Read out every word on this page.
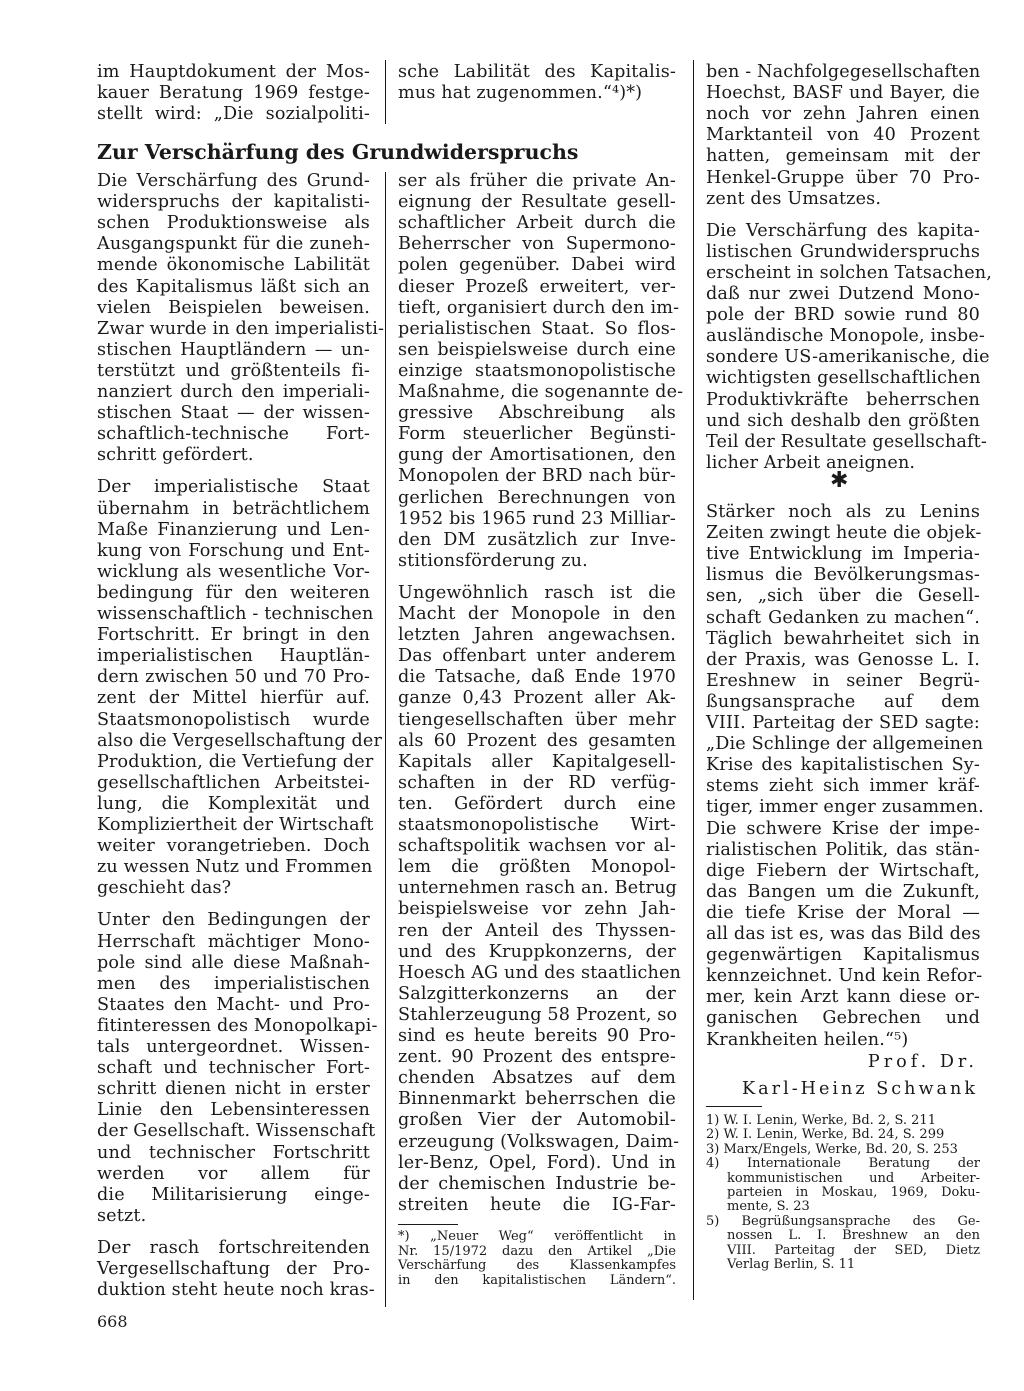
im Hauptdokument der Mos-
kauer Beratung 1969 festge-
stellt wird: „Die sozialpoliti-
sche Labilität des Kapitalis-
mus hat zugenommen.“⁴)*)
Zur Verschärfung des Grundwiderspruchs
Die Verschärfung des Grund-
widerspruchs der kapitalisti-
schen Produktionsweise als
Ausgangspunkt für die zuneh-
mende ökonomische Labilität
des Kapitalismus läßt sich an
vielen Beispielen beweisen.
Zwar wurde in den imperialisti-
stischen Hauptländern — un-
terstützt und größtenteils fi-
nanziert durch den imperiali-
stischen Staat — der wissen-
schaftlich-technische Fort-
schritt gefördert.
Der imperialistische Staat
übernahm in beträchtlichem
Maße Finanzierung und Len-
kung von Forschung und Ent-
wicklung als wesentliche Vor-
bedingung für den weiteren
wissenschaftlich - technischen
Fortschritt. Er bringt in den
imperialistischen Hauptlän-
dern zwischen 50 und 70 Pro-
zent der Mittel hierfür auf.
Staatsmonopolistisch wurde
also die Vergesellschaftung der
Produktion, die Vertiefung der
gesellschaftlichen Arbeitstei-
lung, die Komplexität und
Kompliziertheit der Wirtschaft
weiter vorangetrieben. Doch
zu wessen Nutz und Frommen
geschieht das?
Unter den Bedingungen der
Herrschaft mächtiger Mono-
pole sind alle diese Maßnah-
men des imperialistischen
Staates den Macht- und Pro-
fitinteressen des Monopolkapi-
tals untergeordnet. Wissen-
schaft und technischer Fort-
schritt dienen nicht in erster
Linie den Lebensinteressen
der Gesellschaft. Wissenschaft
und technischer Fortschritt
werden vor allem für
die Militarisierung einge-
setzt.
Der rasch fortschreitenden
Vergesellschaftung der Pro-
duktion steht heute noch kras-
ser als früher die private An-
eignung der Resultate gesell-
schaftlicher Arbeit durch die
Beherrscher von Supermono-
polen gegenüber. Dabei wird
dieser Prozeß erweitert, ver-
tieft, organisiert durch den im-
perialistischen Staat. So flos-
sen beispielsweise durch eine
einzige staatsmonopolistische
Maßnahme, die sogenannte de-
gressive Abschreibung als
Form steuerlicher Begünsti-
gung der Amortisationen, den
Monopolen der BRD nach bür-
gerlichen Berechnungen von
1952 bis 1965 rund 23 Milliar-
den DM zusätzlich zur Inve-
stitionsförderung zu.
Ungewöhnlich rasch ist die
Macht der Monopole in den
letzten Jahren angewachsen.
Das offenbart unter anderem
die Tatsache, daß Ende 1970
ganze 0,43 Prozent aller Ak-
tiengesellschaften über mehr
als 60 Prozent des gesamten
Kapitals aller Kapitalgesell-
schaften in der RD verfüg-
ten. Gefördert durch eine
staatsmonopolistische Wirt-
schaftspolitik wachsen vor al-
lem die größten Monopol-
unternehmen rasch an. Betrug
beispielsweise vor zehn Jah-
ren der Anteil des Thyssen-
und des Kruppkonzerns, der
Hoesch AG und des staatlichen
Salzgitterkonzerns an der
Stahlerzeugung 58 Prozent, so
sind es heute bereits 90 Pro-
zent. 90 Prozent des entspre-
chenden Absatzes auf dem
Binnenmarkt beherrschen die
großen Vier der Automobil-
erzeugung (Volkswagen, Daim-
ler-Benz, Opel, Ford). Und in
der chemischen Industrie be-
streiten heute die IG-Far-
*) „Neuer Weg“ veröffentlicht in
Nr. 15/1972 dazu den Artikel „Die
Verschärfung des Klassenkampfes
in den kapitalistischen Ländern“.
ben - Nachfolgegesellschaften
Hoechst, BASF und Bayer, die
noch vor zehn Jahren einen
Marktanteil von 40 Prozent
hatten, gemeinsam mit der
Henkel-Gruppe über 70 Pro-
zent des Umsatzes.
Die Verschärfung des kapita-
listischen Grundwiderspruchs
erscheint in solchen Tatsachen,
daß nur zwei Dutzend Mono-
pole der BRD sowie rund 80
ausländische Monopole, insbe-
sondere US-amerikanische, die
wichtigsten gesellschaftlichen
Produktivkräfte beherrschen
und sich deshalb den größten
Teil der Resultate gesellschaft-
licher Arbeit aneignen.
✱
Stärker noch als zu Lenins
Zeiten zwingt heute die objek-
tive Entwicklung im Imperia-
lismus die Bevölkerungsmas-
sen, „sich über die Gesell-
schaft Gedanken zu machen“.
Täglich bewahrheitet sich in
der Praxis, was Genosse L. I.
Ereshnew in seiner Begrü-
ßungsansprache auf dem
VIII. Parteitag der SED sagte:
„Die Schlinge der allgemeinen
Krise des kapitalistischen Sy-
stems zieht sich immer kräf-
tiger, immer enger zusammen.
Die schwere Krise der impe-
rialistischen Politik, das stän-
dige Fiebern der Wirtschaft,
das Bangen um die Zukunft,
die tiefe Krise der Moral —
all das ist es, was das Bild des
gegenwärtigen Kapitalismus
kennzeichnet. Und kein Refor-
mer, kein Arzt kann diese or-
ganischen Gebrechen und
Krankheiten heilen.“⁵)
Prof. Dr.
Karl-Heinz Schwank
1) W. I. Lenin, Werke, Bd. 2, S. 211
2) W. I. Lenin, Werke, Bd. 24, S. 299
3) Marx/Engels, Werke, Bd. 20, S. 253
4) Internationale Beratung der
kommunistischen und Arbeiter-
parteien in Moskau, 1969, Doku-
mente, S. 23
5) Begrüßungsansprache des Ge-
nossen L. I. Breshnew an den
VIII. Parteitag der SED, Dietz
Verlag Berlin, S. 11
668
